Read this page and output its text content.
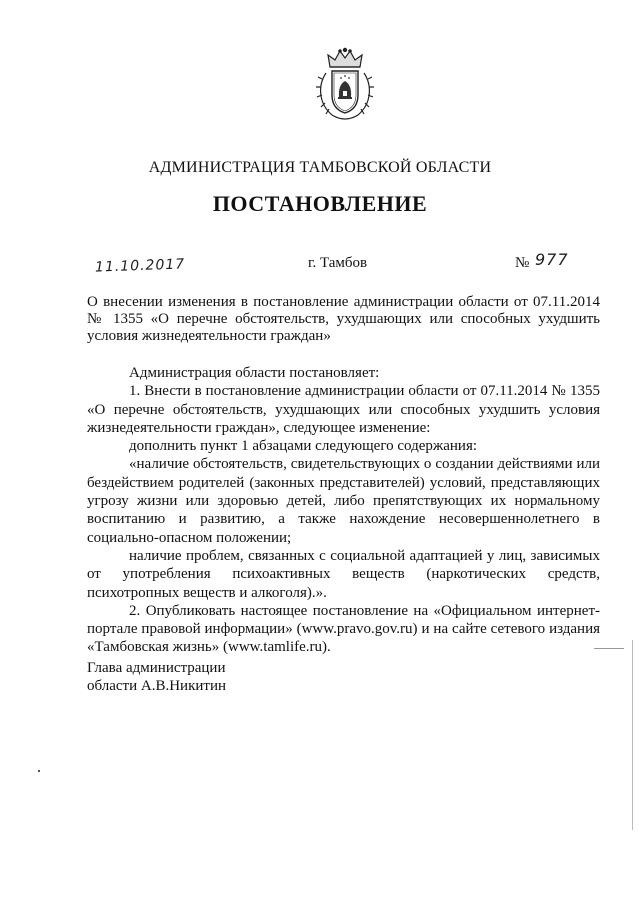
АДМИНИСТРАЦИЯ ТАМБОВСКОЙ ОБЛАСТИ
ПОСТАНОВЛЕНИЕ
11.10.2017	г. Тамбов	№ 977
О внесении изменения в постановление администрации области от 07.11.2014 № 1355 «О перечне обстоятельств, ухудшающих или способных ухудшить условия жизнедеятельности граждан»

Администрация области постановляет:

1. Внести в постановление администрации области от 07.11.2014 № 1355 «О перечне обстоятельств, ухудшающих или способных ухудшить условия жизнедеятельности граждан», следующее изменение:

дополнить пункт 1 абзацами следующего содержания:

«наличие обстоятельств, свидетельствующих о создании действиями или бездействием родителей (законных представителей) условий, представляющих угрозу жизни или здоровью детей, либо препятствующих их нормальному воспитанию и развитию, а также нахождение несовершеннолетнего в социально-опасном положении;

наличие проблем, связанных с социальной адаптацией у лиц, зависимых от употребления психоактивных веществ (наркотических средств, психотропных веществ и алкоголя).».

2. Опубликовать настоящее постановление на «Официальном интернет-портале правовой информации» (www.pravo.gov.ru) и на сайте сетевого издания «Тамбовская жизнь» (www.tamlife.ru).

Глава администрации
области А.В.Никитин
